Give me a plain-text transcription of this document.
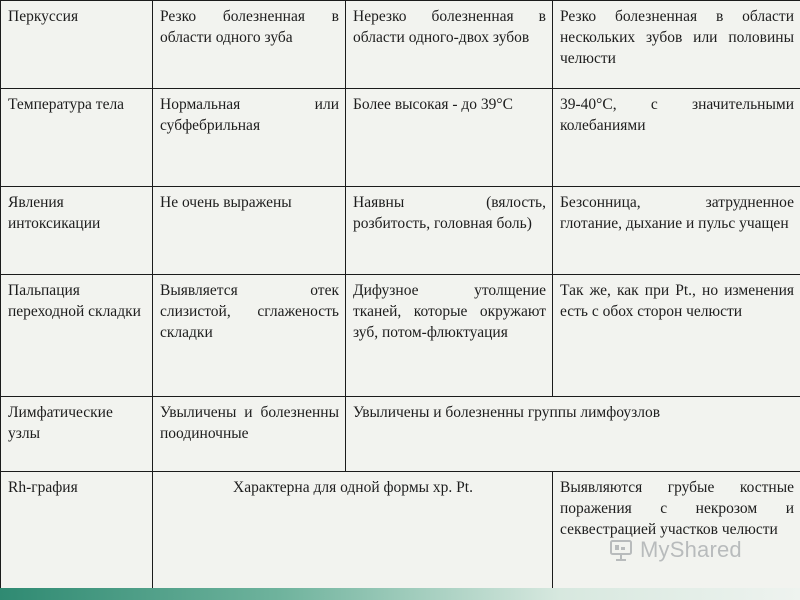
Перкуссия	Резко болезненная в области одного зуба	Нерезко болезненная в области одного-двох зубов	Резко болезненная в области нескольких зубов или половины челюсти
Температура тела	Нормальная или субфебрильная	Более высокая - до 39°С	39-40°С, с значительными колебаниями
Явления интоксикации	Не очень выражены	Наявны (вялость, розбитость, головная боль)	Безсонница, затрудненное глотание, дыхание и пульс учащен
Пальпация переходной складки	Выявляется отек слизистой, сглаженость складки	Дифузное утолщение тканей, которые окружают зуб, потом-флюктуация	Так же, как при Pt., но изменения есть с обох сторон челюсти
Лимфатические узлы	Увыличены и болезненны поодиночные	Увыличены и болезненны группы лимфоузлов	
Rh-графия	Характерна для одной формы хр. Pt.		Выявляются грубые костные поражения с некрозом и секвестрацией участков челюсти
MyShared
